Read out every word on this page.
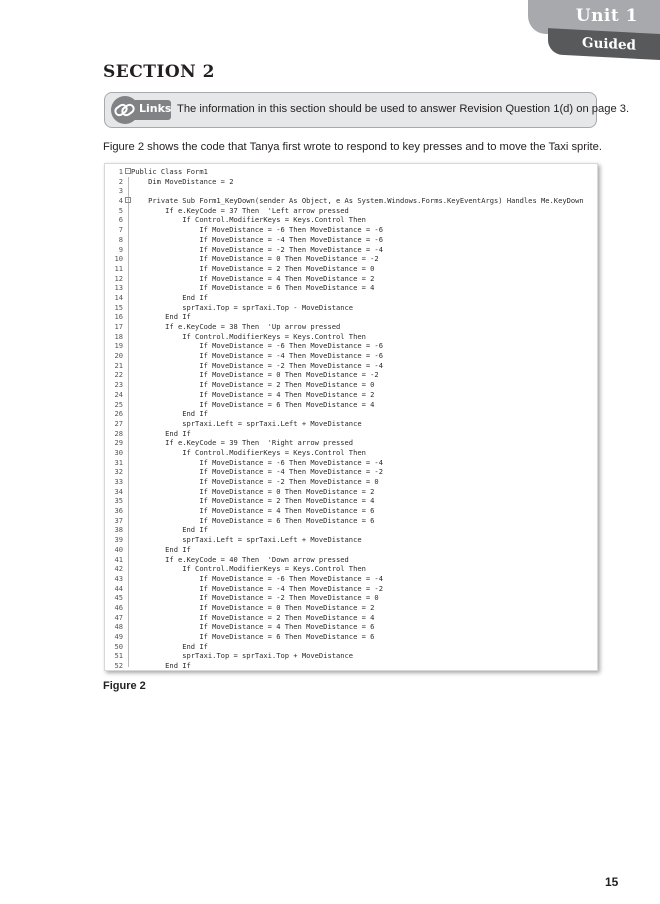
Unit 1
Guided
SECTION 2
Links The information in this section should be used to answer Revision Question 1(d) on page 3.

Figure 2 shows the code that Tanya first wrote to respond to key presses and to move the Taxi sprite.

1 - Public Class Form1
2 Dim MoveDistance = 2
3
4 - Private Sub Form1_KeyDown(sender As Object, e As System.Windows.Forms.KeyEventArgs) Handles Me.KeyDown
5 If e.KeyCode = 37 Then  'Left arrow pressed
6 If Control.ModifierKeys = Keys.Control Then
7 If MoveDistance = -6 Then MoveDistance = -6
8 If MoveDistance = -4 Then MoveDistance = -6
9 If MoveDistance = -2 Then MoveDistance = -4
10 If MoveDistance = 0 Then MoveDistance = -2
11 If MoveDistance = 2 Then MoveDistance = 0
12 If MoveDistance = 4 Then MoveDistance = 2
13 If MoveDistance = 6 Then MoveDistance = 4
14 End If
15 sprTaxi.Top = sprTaxi.Top - MoveDistance
16 End If
17 If e.KeyCode = 38 Then  'Up arrow pressed
18 If Control.ModifierKeys = Keys.Control Then
19 If MoveDistance = -6 Then MoveDistance = -6
20 If MoveDistance = -4 Then MoveDistance = -6
21 If MoveDistance = -2 Then MoveDistance = -4
22 If MoveDistance = 0 Then MoveDistance = -2
23 If MoveDistance = 2 Then MoveDistance = 0
24 If MoveDistance = 4 Then MoveDistance = 2
25 If MoveDistance = 6 Then MoveDistance = 4
26 End If
27 sprTaxi.Left = sprTaxi.Left + MoveDistance
28 End If
29 If e.KeyCode = 39 Then  'Right arrow pressed
30 If Control.ModifierKeys = Keys.Control Then
31 If MoveDistance = -6 Then MoveDistance = -4
32 If MoveDistance = -4 Then MoveDistance = -2
33 If MoveDistance = -2 Then MoveDistance = 0
34 If MoveDistance = 0 Then MoveDistance = 2
35 If MoveDistance = 2 Then MoveDistance = 4
36 If MoveDistance = 4 Then MoveDistance = 6
37 If MoveDistance = 6 Then MoveDistance = 6
38 End If
39 sprTaxi.Left = sprTaxi.Left + MoveDistance
40 End If
41 If e.KeyCode = 40 Then  'Down arrow pressed
42 If Control.ModifierKeys = Keys.Control Then
43 If MoveDistance = -6 Then MoveDistance = -4
44 If MoveDistance = -4 Then MoveDistance = -2
45 If MoveDistance = -2 Then MoveDistance = 0
46 If MoveDistance = 0 Then MoveDistance = 2
47 If MoveDistance = 2 Then MoveDistance = 4
48 If MoveDistance = 4 Then MoveDistance = 6
49 If MoveDistance = 6 Then MoveDistance = 6
50 End If
51 sprTaxi.Top = sprTaxi.Top + MoveDistance
52 End If

Figure 2

15
